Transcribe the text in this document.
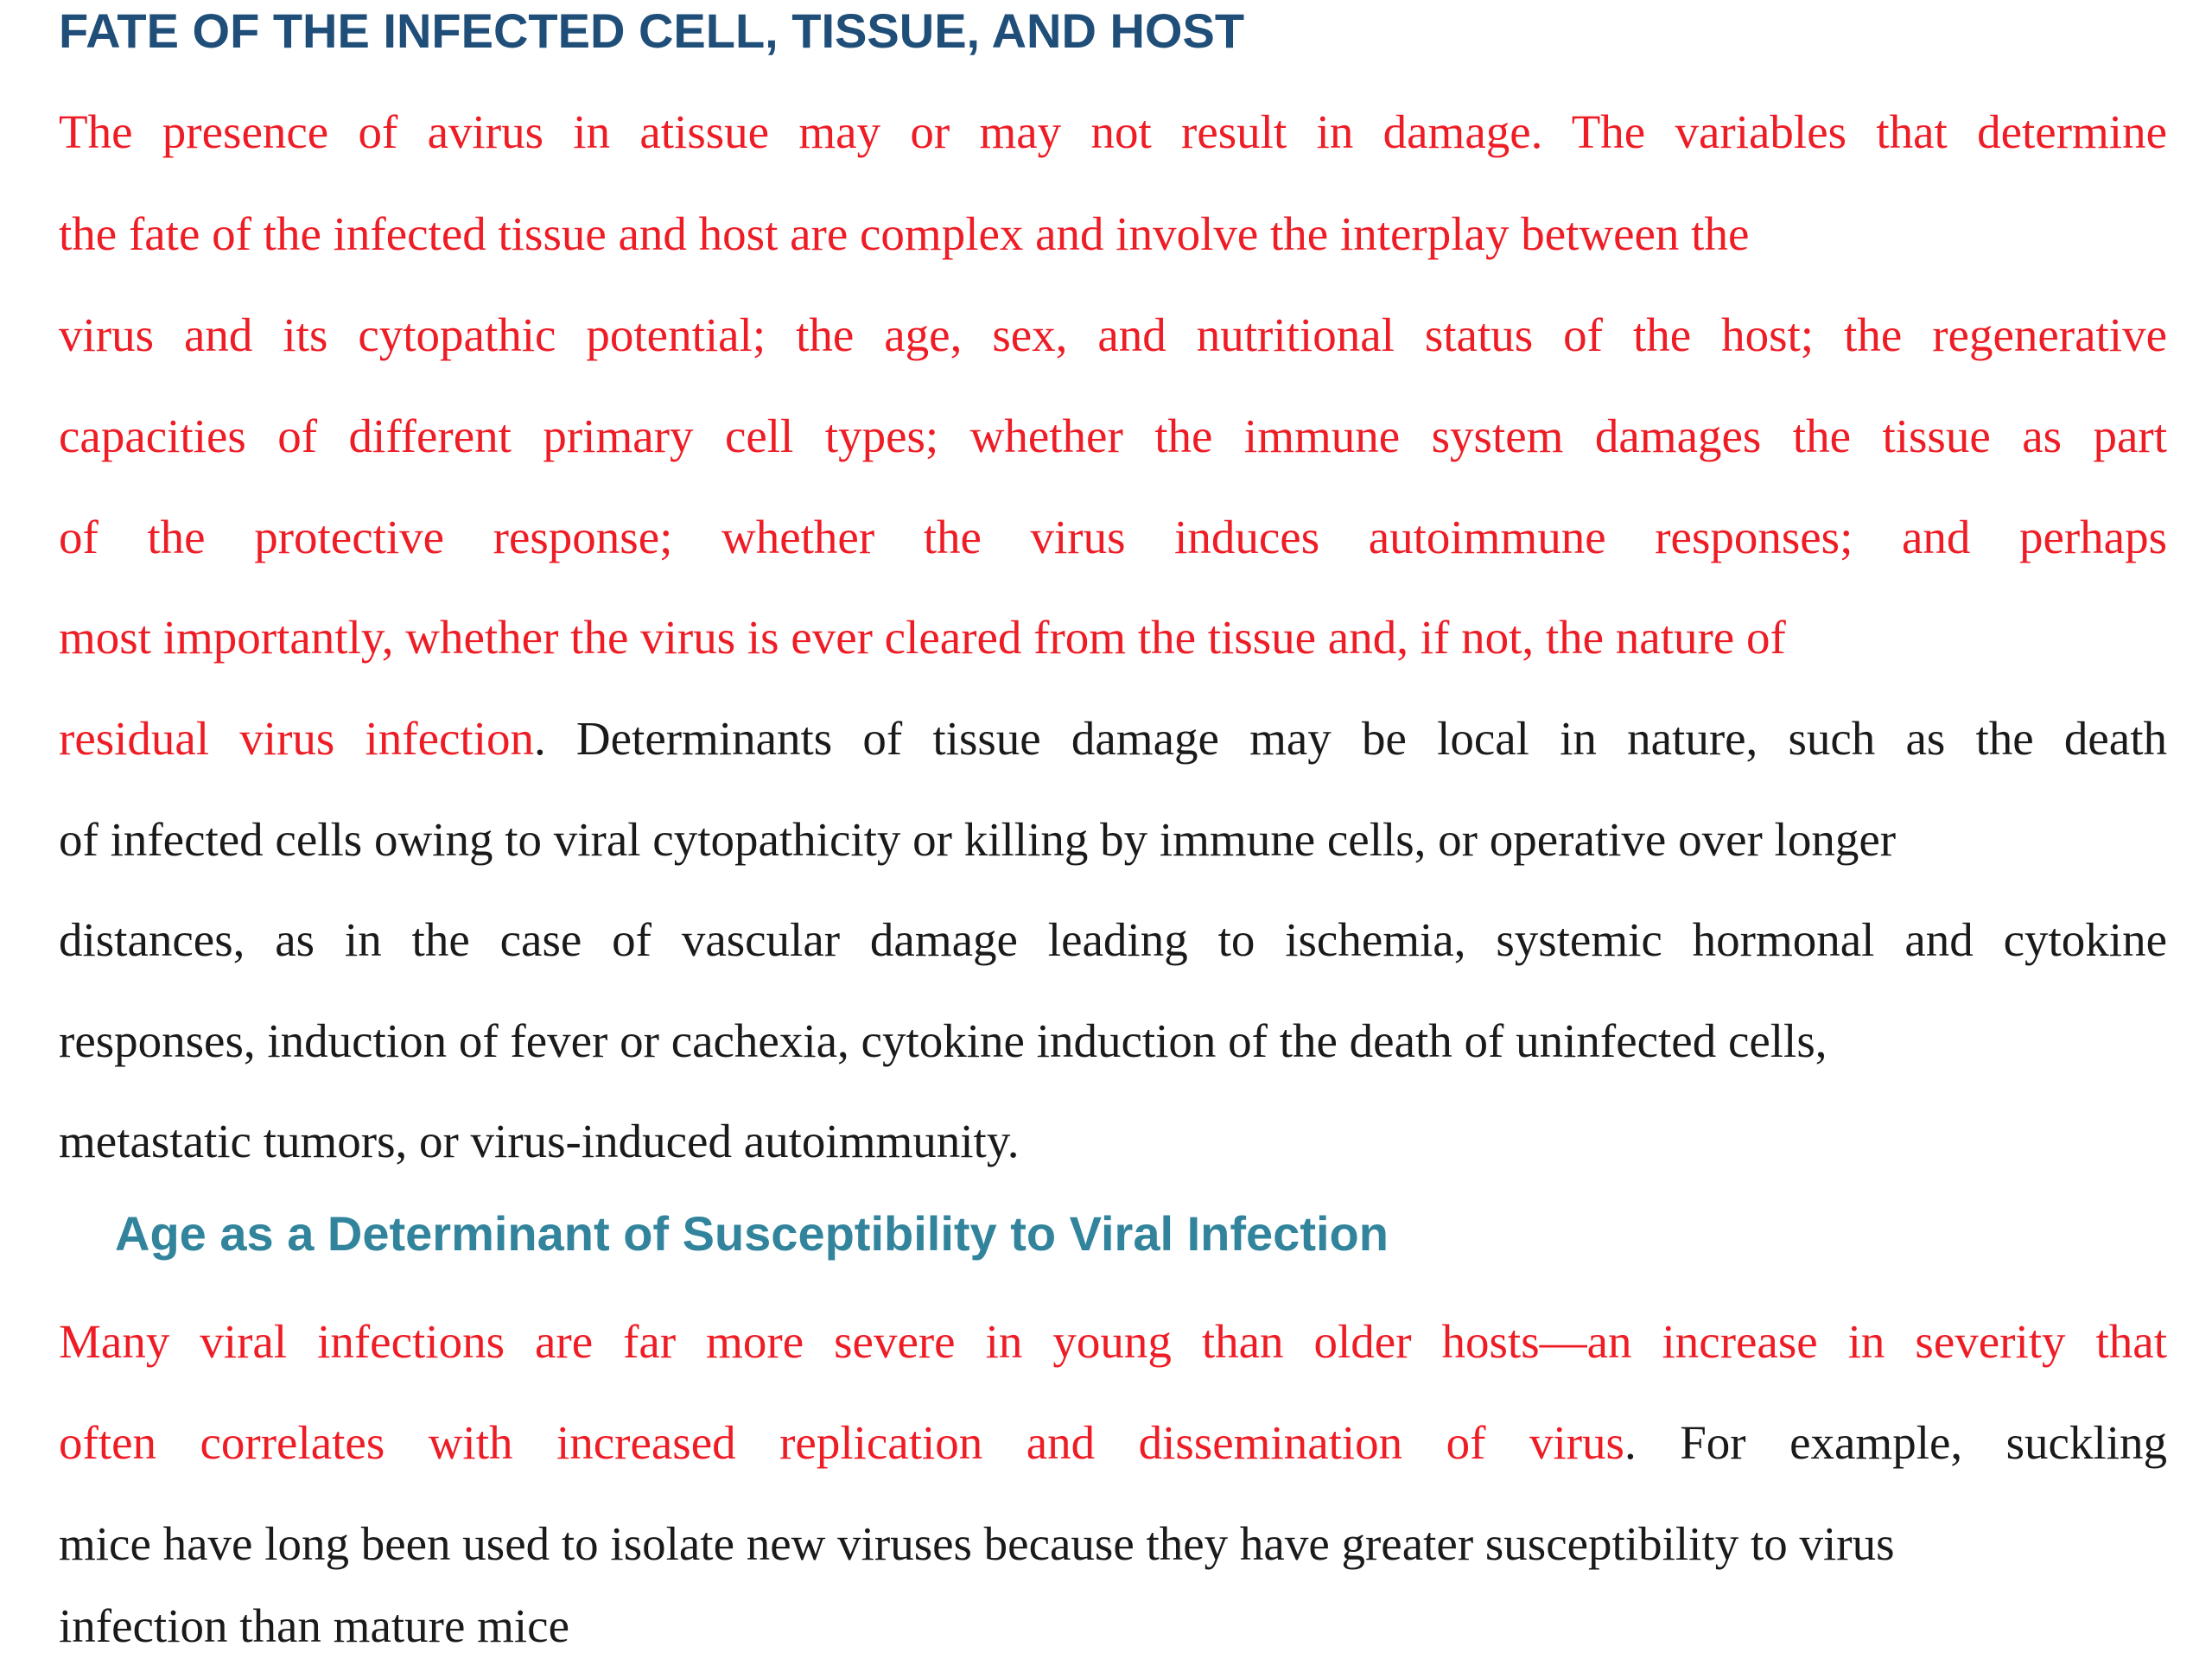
FATE OF THE INFECTED CELL, TISSUE, AND HOST

The presence of avirus in atissue may or may not result in damage. The variables that determine

the fate of the infected tissue and host are complex and involve the interplay between the

virus and its cytopathic potential; the age, sex, and nutritional status of the host; the regenerative

capacities of different primary cell types; whether the immune system damages the tissue as part

of the protective response; whether the virus induces autoimmune responses; and perhaps

most importantly, whether the virus is ever cleared from the tissue and, if not, the nature of

residual virus infection. Determinants of tissue damage may be local in nature, such as the death

of infected cells owing to viral cytopathicity or killing by immune cells, or operative over longer

distances, as in the case of vascular damage leading to ischemia, systemic hormonal and cytokine

responses, induction of fever or cachexia, cytokine induction of the death of uninfected cells,

metastatic tumors, or virus-induced autoimmunity.

Age as a Determinant of Susceptibility to Viral Infection

Many viral infections are far more severe in young than older hosts—an increase in severity that

often correlates with increased replication and dissemination of virus. For example, suckling

mice have long been used to isolate new viruses because they have greater susceptibility to virus

infection than mature mice
